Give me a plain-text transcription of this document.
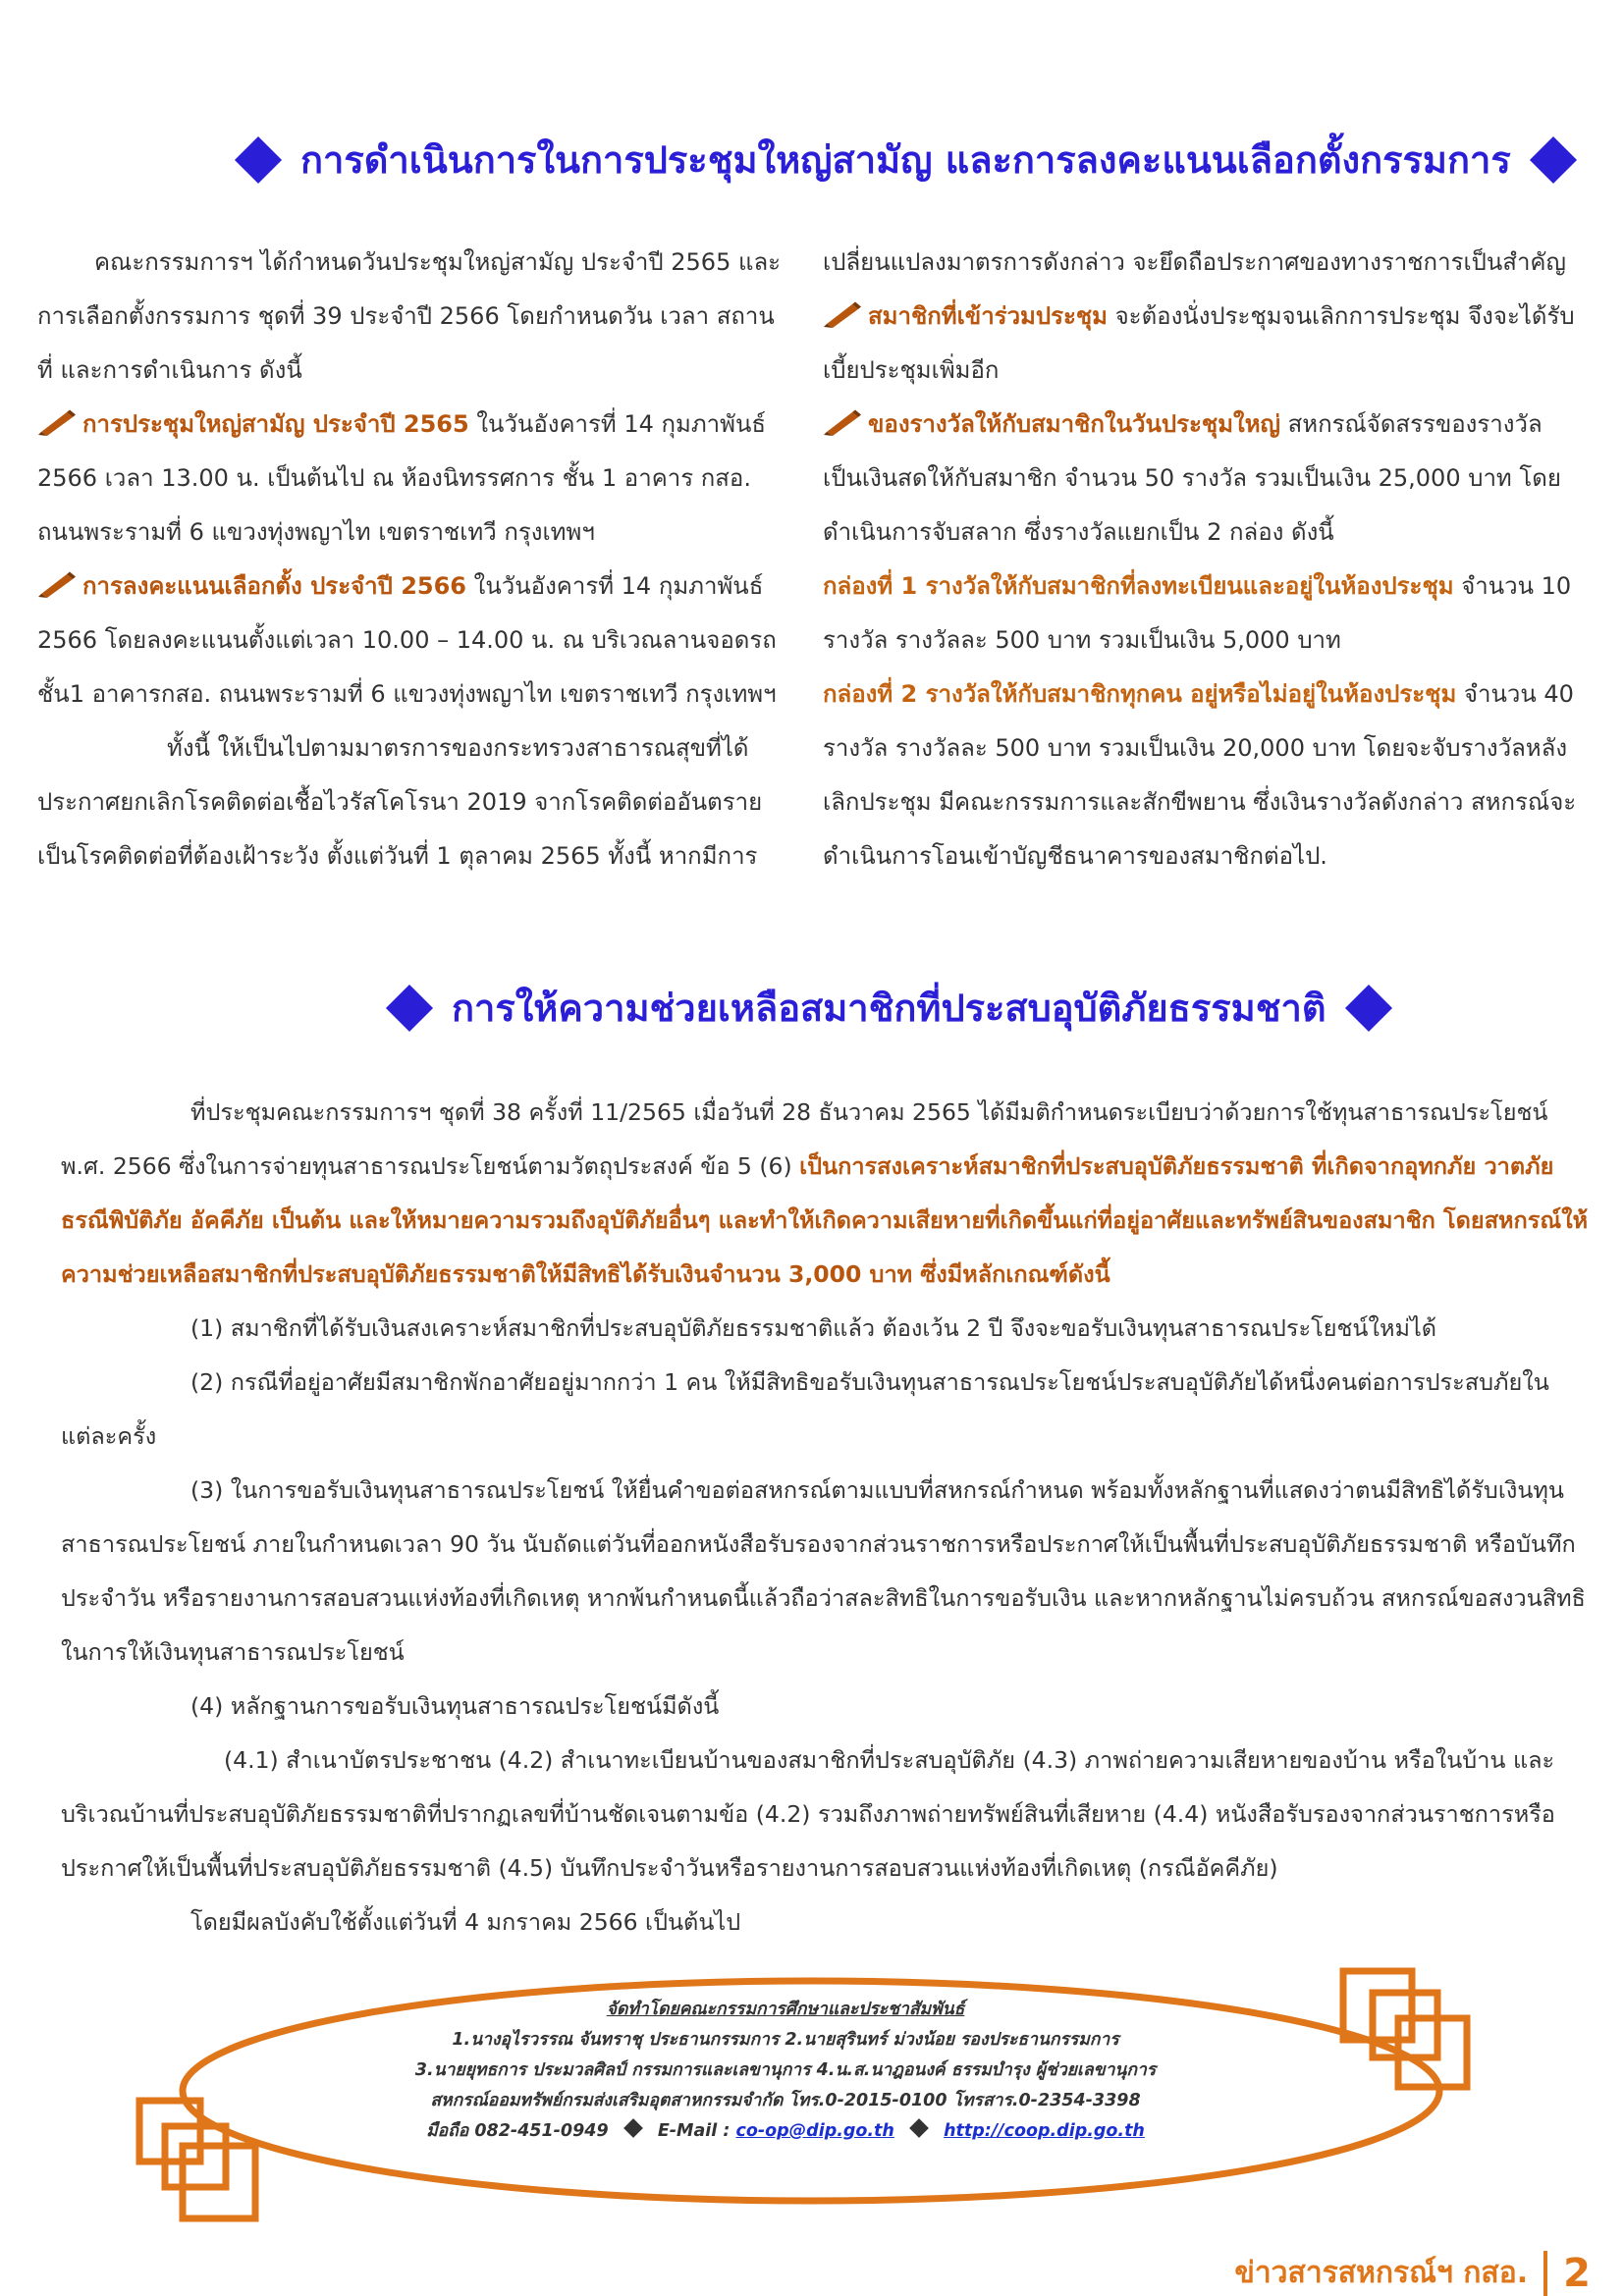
การดำเนินการในการประชุมใหญ่สามัญ และการลงคะแนนเลือกตั้งกรรมการ

คณะกรรมการฯ ได้กำหนดวันประชุมใหญ่สามัญ ประจำปี 2565 และการเลือกตั้งกรรมการ ชุดที่ 39 ประจำปี 2566 โดยกำหนดวัน เวลา สถานที่ และการดำเนินการ ดังนี้

การประชุมใหญ่สามัญ ประจำปี 2565 ในวันอังคารที่ 14 กุมภาพันธ์ 2566 เวลา 13.00 น. เป็นต้นไป ณ ห้องนิทรรศการ ชั้น 1 อาคาร กสอ. ถนนพระรามที่ 6 แขวงทุ่งพญาไท เขตราชเทวี กรุงเทพฯ

การลงคะแนนเลือกตั้ง ประจำปี 2566 ในวันอังคารที่ 14 กุมภาพันธ์ 2566 โดยลงคะแนนตั้งแต่เวลา 10.00 – 14.00 น. ณ บริเวณลานจอดรถ ชั้น1 อาคารกสอ. ถนนพระรามที่ 6 แขวงทุ่งพญาไท เขตราชเทวี กรุงเทพฯ

ทั้งนี้ ให้เป็นไปตามมาตรการของกระทรวงสาธารณสุขที่ได้ประกาศยกเลิกโรคติดต่อเชื้อไวรัสโคโรนา 2019 จากโรคติดต่ออันตรายเป็นโรคติดต่อที่ต้องเฝ้าระวัง ตั้งแต่วันที่ 1 ตุลาคม 2565 ทั้งนี้ หากมีการ

เปลี่ยนแปลงมาตรการดังกล่าว จะยึดถือประกาศของทางราชการเป็นสำคัญ

สมาชิกที่เข้าร่วมประชุม จะต้องนั่งประชุมจนเลิกการประชุม จึงจะได้รับเบี้ยประชุมเพิ่มอีก

ของรางวัลให้กับสมาชิกในวันประชุมใหญ่ สหกรณ์จัดสรรของรางวัลเป็นเงินสดให้กับสมาชิก จำนวน 50 รางวัล รวมเป็นเงิน 25,000 บาท โดยดำเนินการจับสลาก ซึ่งรางวัลแยกเป็น 2 กล่อง ดังนี้

กล่องที่ 1 รางวัลให้กับสมาชิกที่ลงทะเบียนและอยู่ในห้องประชุม จำนวน 10 รางวัล รางวัลละ 500 บาท รวมเป็นเงิน 5,000 บาท

กล่องที่ 2 รางวัลให้กับสมาชิกทุกคน อยู่หรือไม่อยู่ในห้องประชุม จำนวน 40 รางวัล รางวัลละ 500 บาท รวมเป็นเงิน 20,000 บาท โดยจะจับรางวัลหลังเลิกประชุม มีคณะกรรมการและสักขีพยาน ซึ่งเงินรางวัลดังกล่าว สหกรณ์จะดำเนินการโอนเข้าบัญชีธนาคารของสมาชิกต่อไป.

การให้ความช่วยเหลือสมาชิกที่ประสบอุบัติภัยธรรมชาติ

ที่ประชุมคณะกรรมการฯ ชุดที่ 38 ครั้งที่ 11/2565 เมื่อวันที่ 28 ธันวาคม 2565 ได้มีมติกำหนดระเบียบว่าด้วยการใช้ทุนสาธารณประโยชน์ พ.ศ. 2566 ซึ่งในการจ่ายทุนสาธารณประโยชน์ตามวัตถุประสงค์ ข้อ 5 (6) เป็นการสงเคราะห์สมาชิกที่ประสบอุบัติภัยธรรมชาติ ที่เกิดจากอุทกภัย วาตภัย ธรณีพิบัติภัย อัคคีภัย เป็นต้น และให้หมายความรวมถึงอุบัติภัยอื่นๆ และทำให้เกิดความเสียหายที่เกิดขึ้นแก่ที่อยู่อาศัยและทรัพย์สินของสมาชิก โดยสหกรณ์ให้ความช่วยเหลือสมาชิกที่ประสบอุบัติภัยธรรมชาติให้มีสิทธิได้รับเงินจำนวน 3,000 บาท ซึ่งมีหลักเกณฑ์ดังนี้

(1) สมาชิกที่ได้รับเงินสงเคราะห์สมาชิกที่ประสบอุบัติภัยธรรมชาติแล้ว ต้องเว้น 2 ปี จึงจะขอรับเงินทุนสาธารณประโยชน์ใหม่ได้

(2) กรณีที่อยู่อาศัยมีสมาชิกพักอาศัยอยู่มากกว่า 1 คน ให้มีสิทธิขอรับเงินทุนสาธารณประโยชน์ประสบอุบัติภัยได้หนึ่งคนต่อการประสบภัยในแต่ละครั้ง

(3) ในการขอรับเงินทุนสาธารณประโยชน์ ให้ยื่นคำขอต่อสหกรณ์ตามแบบที่สหกรณ์กำหนด พร้อมทั้งหลักฐานที่แสดงว่าตนมีสิทธิได้รับเงินทุนสาธารณประโยชน์ ภายในกำหนดเวลา 90 วัน นับถัดแต่วันที่ออกหนังสือรับรองจากส่วนราชการหรือประกาศให้เป็นพื้นที่ประสบอุบัติภัยธรรมชาติ หรือบันทึกประจำวัน หรือรายงานการสอบสวนแห่งท้องที่เกิดเหตุ หากพ้นกำหนดนี้แล้วถือว่าสละสิทธิในการขอรับเงิน และหากหลักฐานไม่ครบถ้วน สหกรณ์ขอสงวนสิทธิในการให้เงินทุนสาธารณประโยชน์

(4) หลักฐานการขอรับเงินทุนสาธารณประโยชน์มีดังนี้

(4.1) สำเนาบัตรประชาชน (4.2) สำเนาทะเบียนบ้านของสมาชิกที่ประสบอุบัติภัย (4.3) ภาพถ่ายความเสียหายของบ้าน หรือในบ้าน และบริเวณบ้านที่ประสบอุบัติภัยธรรมชาติที่ปรากฏเลขที่บ้านชัดเจนตามข้อ (4.2) รวมถึงภาพถ่ายทรัพย์สินที่เสียหาย (4.4) หนังสือรับรองจากส่วนราชการหรือประกาศให้เป็นพื้นที่ประสบอุบัติภัยธรรมชาติ (4.5) บันทึกประจำวันหรือรายงานการสอบสวนแห่งท้องที่เกิดเหตุ (กรณีอัคคีภัย)

โดยมีผลบังคับใช้ตั้งแต่วันที่ 4 มกราคม 2566 เป็นต้นไป

จัดทำโดยคณะกรรมการศึกษาและประชาสัมพันธ์

1.นางอุไรวรรณ จันทราชุ ประธานกรรมการ 2.นายสุรินทร์ ม่วงน้อย รองประธานกรรมการ

3.นายยุทธการ ประมวลศิลป์ กรรมการและเลขานุการ 4.น.ส.นาฎอนงค์ ธรรมบำรุง ผู้ช่วยเลขานุการ

สหกรณ์ออมทรัพย์กรมส่งเสริมอุตสาหกรรมจำกัด โทร.0-2015-0100 โทรสาร.0-2354-3398

มือถือ 082-451-0949	E-Mail : co-op@dip.go.th	http://coop.dip.go.th

ข่าวสารสหกรณ์ฯ กสอ. 2
